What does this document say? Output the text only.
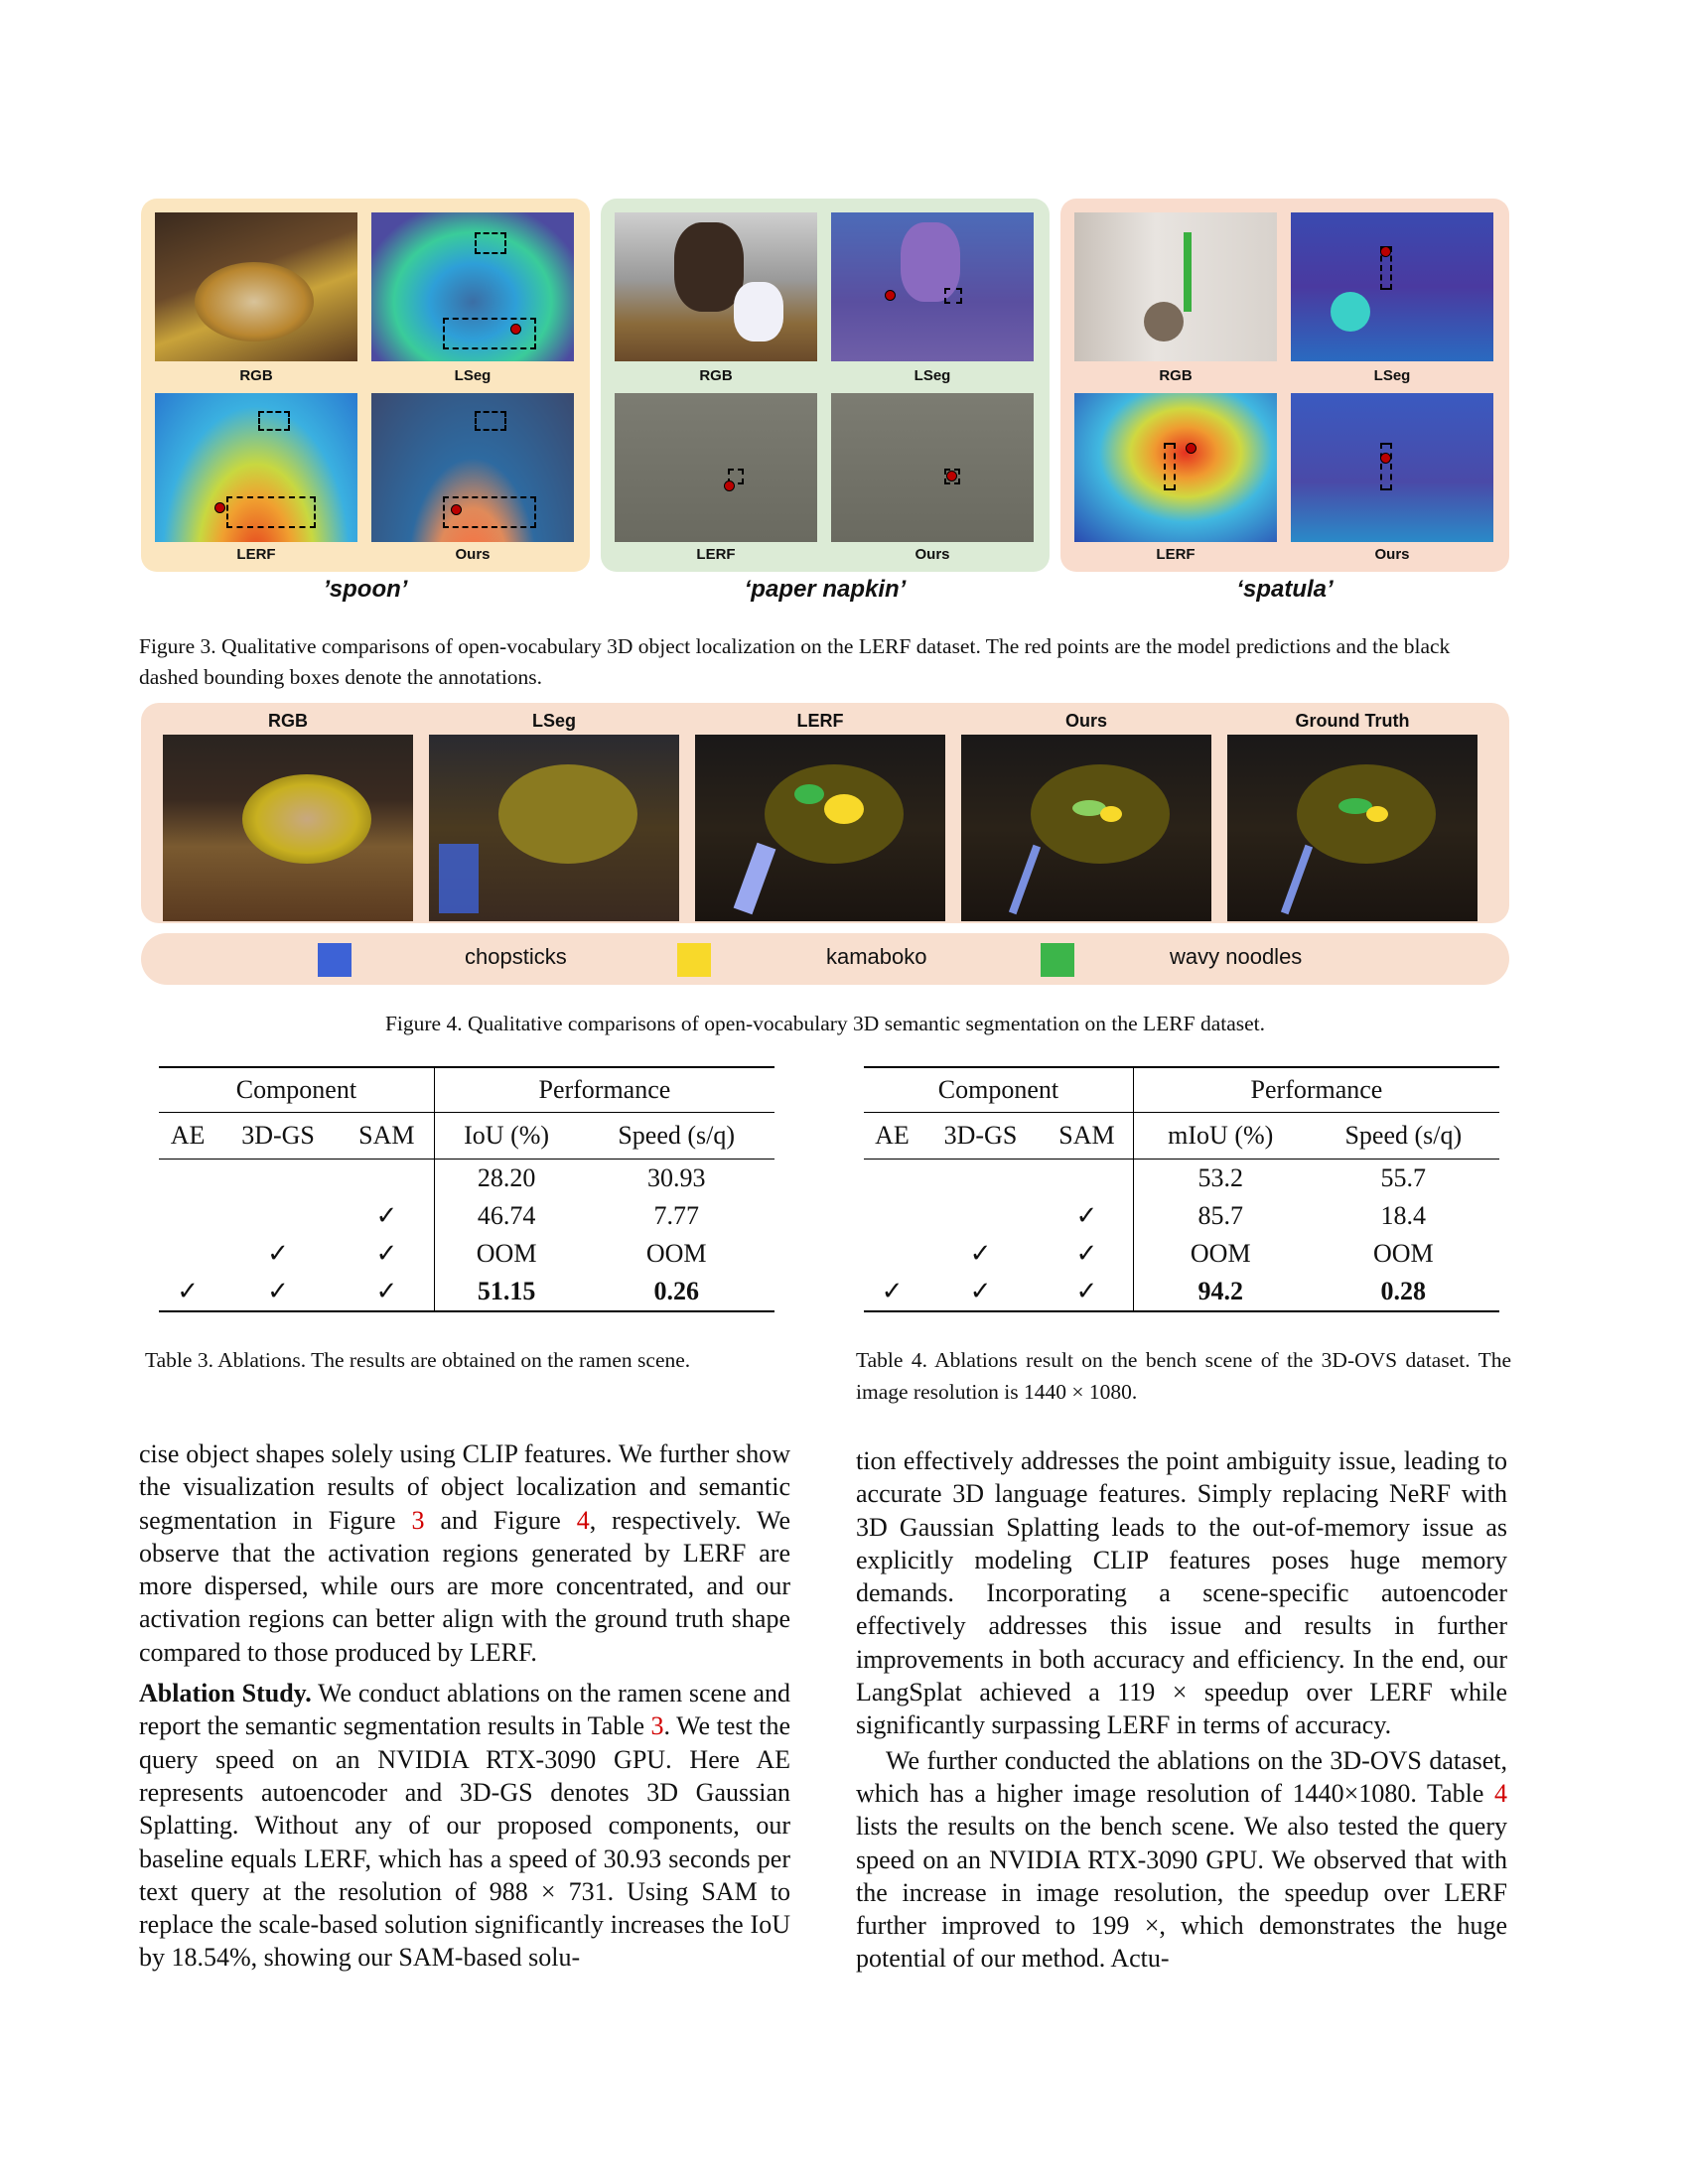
RGB	LSeg
LERF	Ours
’spoon’
RGB	LSeg
LERF	Ours
‘paper napkin’
RGB	LSeg
LERF	Ours
‘spatula’
Figure 3. Qualitative comparisons of open-vocabulary 3D object localization on the LERF dataset. The red points are the model predictions and the black dashed bounding boxes denote the annotations.
RGB	LSeg	LERF	Ours	Ground Truth
chopsticks	kamaboko	wavy noodles
Figure 4. Qualitative comparisons of open-vocabulary 3D semantic segmentation on the LERF dataset.
Component			Performance	
AE	3D-GS	SAM	IoU (%)	Speed (s/q)
			28.20	30.93
		✓	46.74	7.77
	✓	✓	OOM	OOM
✓	✓	✓	51.15	0.26
Table 3. Ablations. The results are obtained on the ramen scene.
Component			Performance	
AE	3D-GS	SAM	mIoU (%)	Speed (s/q)
			53.2	55.7
		✓	85.7	18.4
	✓	✓	OOM	OOM
✓	✓	✓	94.2	0.28
Table 4. Ablations result on the bench scene of the 3D-OVS dataset. The image resolution is 1440 × 1080.

cise object shapes solely using CLIP features. We further show the visualization results of object localization and semantic segmentation in Figure 3 and Figure 4, respectively. We observe that the activation regions generated by LERF are more dispersed, while ours are more concentrated, and our activation regions can better align with the ground truth shape compared to those produced by LERF.

Ablation Study. We conduct ablations on the ramen scene and report the semantic segmentation results in Table 3. We test the query speed on an NVIDIA RTX-3090 GPU. Here AE represents autoencoder and 3D-GS denotes 3D Gaussian Splatting. Without any of our proposed components, our baseline equals LERF, which has a speed of 30.93 seconds per text query at the resolution of 988 × 731. Using SAM to replace the scale-based solution significantly increases the IoU by 18.54%, showing our SAM-based solu-

tion effectively addresses the point ambiguity issue, leading to accurate 3D language features. Simply replacing NeRF with 3D Gaussian Splatting leads to the out-of-memory issue as explicitly modeling CLIP features poses huge memory demands. Incorporating a scene-specific autoencoder effectively addresses this issue and results in further improvements in both accuracy and efficiency. In the end, our LangSplat achieved a 119 × speedup over LERF while significantly surpassing LERF in terms of accuracy.

We further conducted the ablations on the 3D-OVS dataset, which has a higher image resolution of 1440×1080. Table 4 lists the results on the bench scene. We also tested the query speed on an NVIDIA RTX-3090 GPU. We observed that with the increase in image resolution, the speedup over LERF further improved to 199 ×, which demonstrates the huge potential of our method. Actu-
